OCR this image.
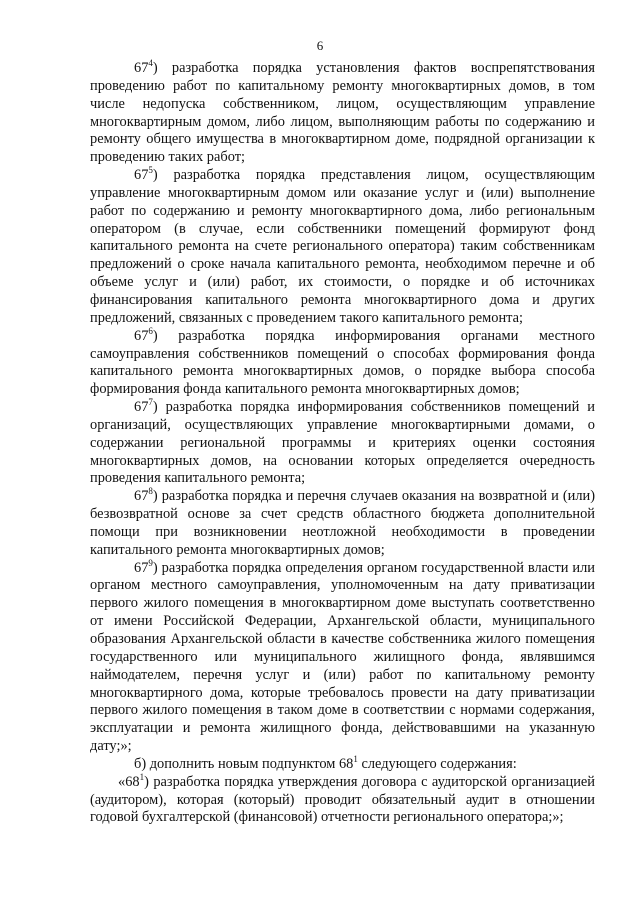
6

$67^4$) разработка порядка установления фактов воспрепятствования проведению работ по капитальному ремонту многоквартирных домов, в том числе недопуска собственником, лицом, осуществляющим управление многоквартирным домом, либо лицом, выполняющим работы по содержанию и ремонту общего имущества в многоквартирном доме, подрядной организации к проведению таких работ;

$67^5$) разработка порядка представления лицом, осуществляющим управление многоквартирным домом или оказание услуг и (или) выполнение работ по содержанию и ремонту многоквартирного дома, либо региональным оператором (в случае, если собственники помещений формируют фонд капитального ремонта на счете регионального оператора) таким собственникам предложений о сроке начала капитального ремонта, необходимом перечне и об объеме услуг и (или) работ, их стоимости, о порядке и об источниках финансирования капитального ремонта многоквартирного дома и других предложений, связанных с проведением такого капитального ремонта;

$67^6$) разработка порядка информирования органами местного самоуправления собственников помещений о способах формирования фонда капитального ремонта многоквартирных домов, о порядке выбора способа формирования фонда капитального ремонта многоквартирных домов;

$67^7$) разработка порядка информирования собственников помещений и организаций, осуществляющих управление многоквартирными домами, о содержании региональной программы и критериях оценки состояния многоквартирных домов, на основании которых определяется очередность проведения капитального ремонта;

$67^8$) разработка порядка и перечня случаев оказания на возвратной и (или) безвозвратной основе за счет средств областного бюджета дополнительной помощи при возникновении неотложной необходимости в проведении капитального ремонта многоквартирных домов;

$67^9$) разработка порядка определения органом государственной власти или органом местного самоуправления, уполномоченным на дату приватизации первого жилого помещения в многоквартирном доме выступать соответственно от имени Российской Федерации, Архангельской области, муниципального образования Архангельской области в качестве собственника жилого помещения государственного или муниципального жилищного фонда, являвшимся наймодателем, перечня услуг и (или) работ по капитальному ремонту многоквартирного дома, которые требовалось провести на дату приватизации первого жилого помещения в таком доме в соответствии с нормами содержания, эксплуатации и ремонта жилищного фонда, действовавшими на указанную дату;»;

б) дополнить новым подпунктом $68^1$ следующего содержания:

«$68^1$) разработка порядка утверждения договора с аудиторской организацией (аудитором), которая (который) проводит обязательный аудит в отношении годовой бухгалтерской (финансовой) отчетности регионального оператора;»;
